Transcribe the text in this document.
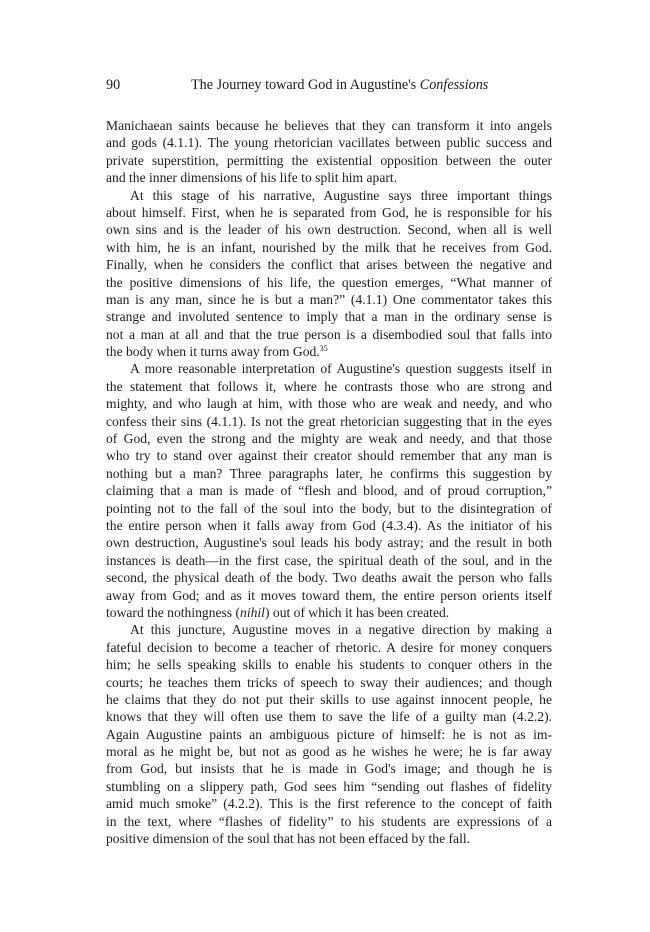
90	The Journey toward God in Augustine's Confessions
Manichaean saints because he believes that they can transform it into angels
and gods (4.1.1). The young rhetorician vacillates between public success and
private superstition, permitting the existential opposition between the outer
and the inner dimensions of his life to split him apart.
At this stage of his narrative, Augustine says three important things
about himself. First, when he is separated from God, he is responsible for his
own sins and is the leader of his own destruction. Second, when all is well
with him, he is an infant, nourished by the milk that he receives from God.
Finally, when he considers the conflict that arises between the negative and
the positive dimensions of his life, the question emerges, “What manner of
man is any man, since he is but a man?” (4.1.1) One commentator takes this
strange and involuted sentence to imply that a man in the ordinary sense is
not a man at all and that the true person is a disembodied soul that falls into
the body when it turns away from God.$^{35}$
A more reasonable interpretation of Augustine's question suggests itself in
the statement that follows it, where he contrasts those who are strong and
mighty, and who laugh at him, with those who are weak and needy, and who
confess their sins (4.1.1). Is not the great rhetorician suggesting that in the eyes
of God, even the strong and the mighty are weak and needy, and that those
who try to stand over against their creator should remember that any man is
nothing but a man? Three paragraphs later, he confirms this suggestion by
claiming that a man is made of “flesh and blood, and of proud corruption,”
pointing not to the fall of the soul into the body, but to the disintegration of
the entire person when it falls away from God (4.3.4). As the initiator of his
own destruction, Augustine's soul leads his body astray; and the result in both
instances is death—in the first case, the spiritual death of the soul, and in the
second, the physical death of the body. Two deaths await the person who falls
away from God; and as it moves toward them, the entire person orients itself
toward the nothingness (nihil) out of which it has been created.
At this juncture, Augustine moves in a negative direction by making a
fateful decision to become a teacher of rhetoric. A desire for money conquers
him; he sells speaking skills to enable his students to conquer others in the
courts; he teaches them tricks of speech to sway their audiences; and though
he claims that they do not put their skills to use against innocent people, he
knows that they will often use them to save the life of a guilty man (4.2.2).
Again Augustine paints an ambiguous picture of himself: he is not as im-
moral as he might be, but not as good as he wishes he were; he is far away
from God, but insists that he is made in God's image; and though he is
stumbling on a slippery path, God sees him “sending out flashes of fidelity
amid much smoke” (4.2.2). This is the first reference to the concept of faith
in the text, where “flashes of fidelity” to his students are expressions of a
positive dimension of the soul that has not been effaced by the fall.
